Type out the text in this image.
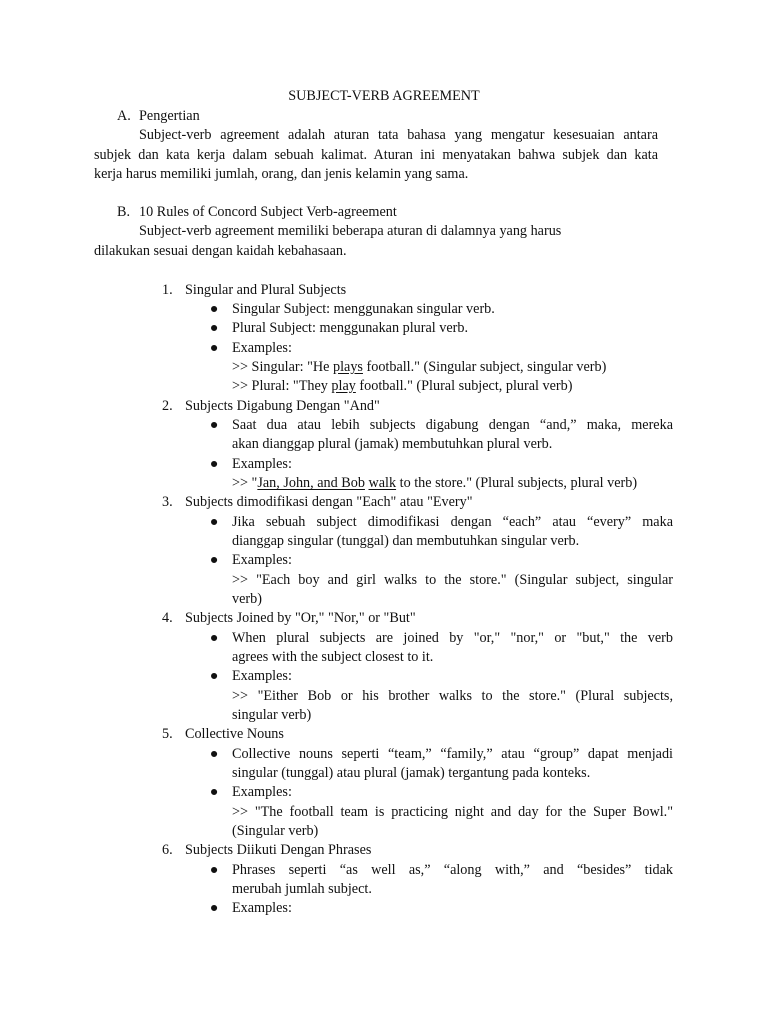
SUBJECT-VERB AGREEMENT
A. Pengertian
Subject-verb agreement adalah aturan tata bahasa yang mengatur kesesuaian antara
subjek dan kata kerja dalam sebuah kalimat. Aturan ini menyatakan bahwa subjek dan kata
kerja harus memiliki jumlah, orang, dan jenis kelamin yang sama.
B. 10 Rules of Concord Subject Verb-agreement
Subject-verb agreement memiliki beberapa aturan di dalamnya yang harus
dilakukan sesuai dengan kaidah kebahasaan.
1. Singular and Plural Subjects
● Singular Subject: menggunakan singular verb.
● Plural Subject: menggunakan plural verb.
● Examples:
>> Singular: "He plays football." (Singular subject, singular verb)
>> Plural: "They play football." (Plural subject, plural verb)
2. Subjects Digabung Dengan "And"
● Saat dua atau lebih subjects digabung dengan “and,” maka, mereka
akan dianggap plural (jamak) membutuhkan plural verb.
● Examples:
>> "Jan, John, and Bob walk to the store." (Plural subjects, plural verb)
3. Subjects dimodifikasi dengan "Each" atau "Every"
● Jika sebuah subject dimodifikasi dengan “each” atau “every” maka
dianggap singular (tunggal) dan membutuhkan singular verb.
● Examples:
>> "Each boy and girl walks to the store." (Singular subject, singular
verb)
4. Subjects Joined by "Or," "Nor," or "But"
● When plural subjects are joined by "or," "nor," or "but," the verb
agrees with the subject closest to it.
● Examples:
>> "Either Bob or his brother walks to the store." (Plural subjects,
singular verb)
5. Collective Nouns
● Collective nouns seperti “team,” “family,” atau “group” dapat menjadi
singular (tunggal) atau plural (jamak) tergantung pada konteks.
● Examples:
>> "The football team is practicing night and day for the Super Bowl."
(Singular verb)
6. Subjects Diikuti Dengan Phrases
● Phrases seperti “as well as,” “along with,” and “besides” tidak
merubah jumlah subject.
● Examples:
